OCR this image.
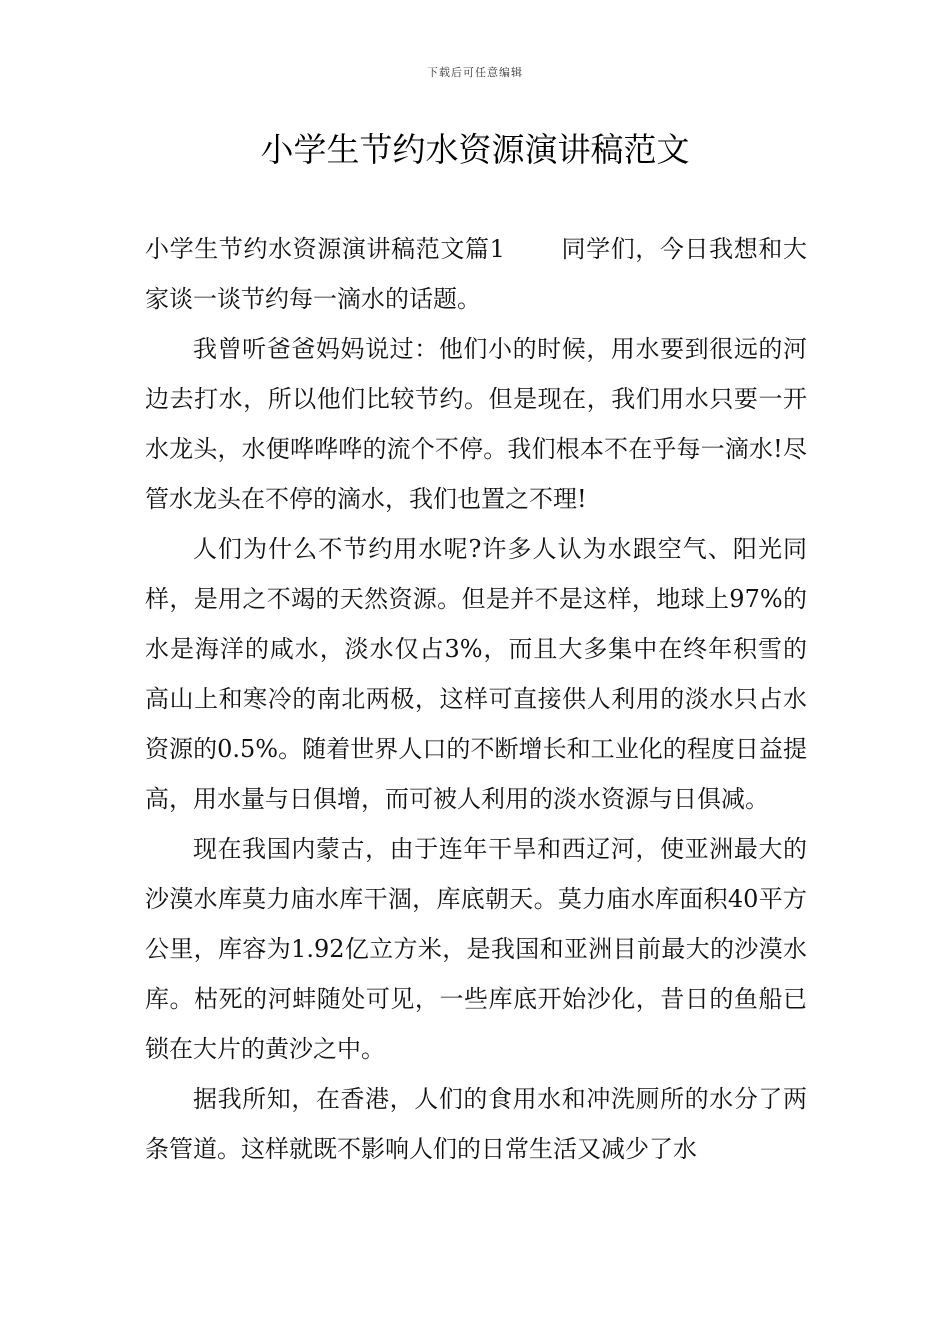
下载后可任意编辑
小学生节约水资源演讲稿范文

小学生节约水资源演讲稿范文篇1 同学们，今日我想和大家谈一谈节约每一滴水的话题。

我曾听爸爸妈妈说过：他们小的时候，用水要到很远的河边去打水，所以他们比较节约。但是现在，我们用水只要一开水龙头，水便哗哗哗的流个不停。我们根本不在乎每一滴水!尽管水龙头在不停的滴水，我们也置之不理!

人们为什么不节约用水呢?许多人认为水跟空气、阳光同样，是用之不竭的天然资源。但是并不是这样，地球上97%的水是海洋的咸水，淡水仅占3%，而且大多集中在终年积雪的高山上和寒冷的南北两极，这样可直接供人利用的淡水只占水资源的0.5%。随着世界人口的不断增长和工业化的程度日益提高，用水量与日俱增，而可被人利用的淡水资源与日俱减。

现在我国内蒙古，由于连年干旱和西辽河，使亚洲最大的沙漠水库莫力庙水库干涸，库底朝天。莫力庙水库面积40平方公里，库容为1.92亿立方米，是我国和亚洲目前最大的沙漠水库。枯死的河蚌随处可见，一些库底开始沙化，昔日的鱼船已锁在大片的黄沙之中。

据我所知，在香港，人们的食用水和冲洗厕所的水分了两条管道。这样就既不影响人们的日常生活又减少了水
